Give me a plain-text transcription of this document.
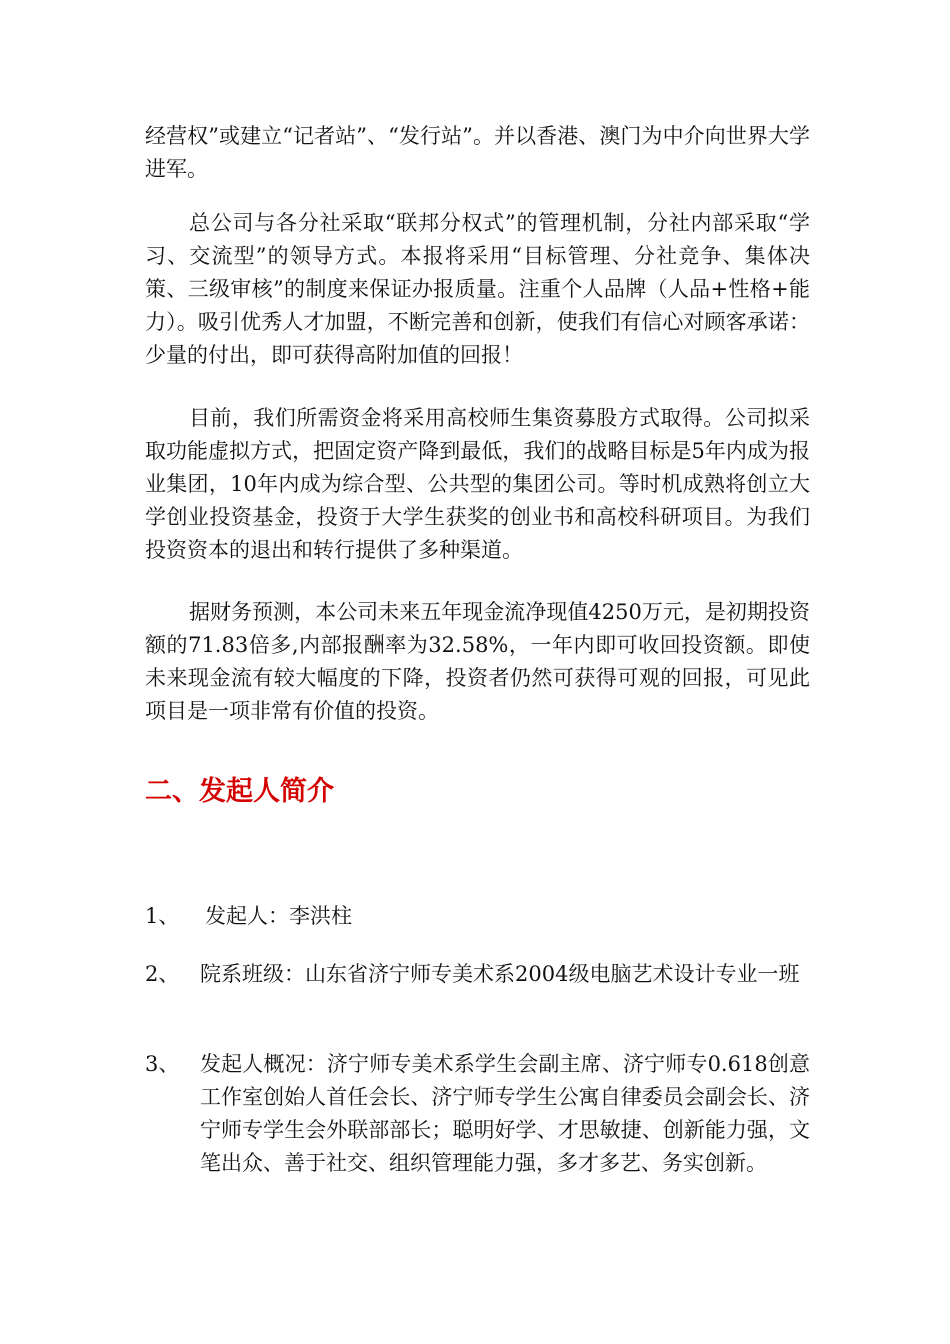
经营权”或建立“记者站”、“发行站”。并以香港、澳门为中介向世界大学进军。

总公司与各分社采取“联邦分权式”的管理机制，分社内部采取“学习、交流型”的领导方式。本报将采用“目标管理、分社竞争、集体决策、三级审核”的制度来保证办报质量。注重个人品牌（人品+性格+能力）。吸引优秀人才加盟，不断完善和创新，使我们有信心对顾客承诺：少量的付出，即可获得高附加值的回报！

目前，我们所需资金将采用高校师生集资募股方式取得。公司拟采取功能虚拟方式，把固定资产降到最低，我们的战略目标是5年内成为报业集团，10年内成为综合型、公共型的集团公司。等时机成熟将创立大学创业投资基金，投资于大学生获奖的创业书和高校科研项目。为我们投资资本的退出和转行提供了多种渠道。

据财务预测，本公司未来五年现金流净现值4250万元，是初期投资额的71.83倍多,内部报酬率为32.58%，一年内即可收回投资额。即使未来现金流有较大幅度的下降，投资者仍然可获得可观的回报，可见此项目是一项非常有价值的投资。

二、发起人简介
1、 发起人：李洪柱
2、 院系班级：山东省济宁师专美术系2004级电脑艺术设计专业一班
3、 发起人概况：济宁师专美术系学生会副主席、济宁师专0.618创意工作室创始人首任会长、济宁师专学生公寓自律委员会副会长、济宁师专学生会外联部部长；聪明好学、才思敏捷、创新能力强，文笔出众、善于社交、组织管理能力强，多才多艺、务实创新。
